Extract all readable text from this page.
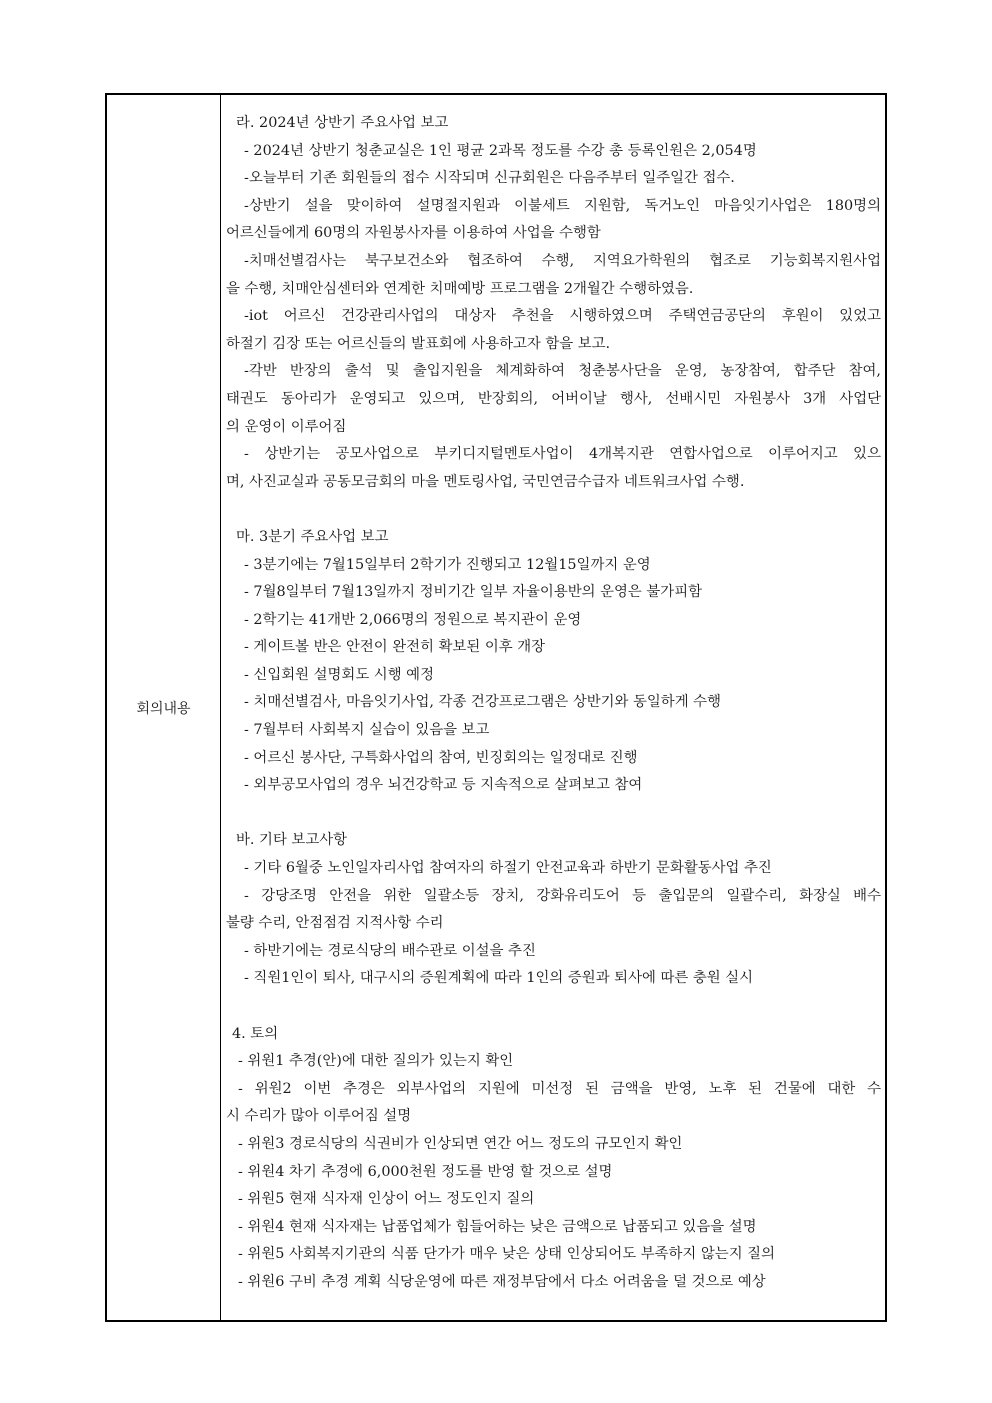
회의내용
라. 2024년 상반기 주요사업 보고
- 2024년 상반기 청춘교실은 1인 평균 2과목 정도를 수강 총 등록인원은 2,054명
-오늘부터 기존 회원들의 접수 시작되며 신규회원은 다음주부터 일주일간 접수.
-상반기 설을 맞이하여 설명절지원과 이불세트 지원함, 독거노인 마음잇기사업은 180명의
어르신들에게 60명의 자원봉사자를 이용하여 사업을 수행함
-치매선별검사는 북구보건소와 협조하여 수행, 지역요가학원의 협조로 기능회복지원사업
을 수행, 치매안심센터와 연계한 치매예방 프로그램을 2개월간 수행하였음.
-iot 어르신 건강관리사업의 대상자 추천을 시행하였으며 주택연금공단의 후원이 있었고
하절기 김장 또는 어르신들의 발표회에 사용하고자 함을 보고.
-각반 반장의 출석 및 출입지원을 체계화하여 청춘봉사단을 운영, 농장참여, 합주단 참여,
태권도 동아리가 운영되고 있으며, 반장회의, 어버이날 행사, 선배시민 자원봉사 3개 사업단
의 운영이 이루어짐
- 상반기는 공모사업으로 부키디지털멘토사업이 4개복지관 연합사업으로 이루어지고 있으
며, 사진교실과 공동모금회의 마을 멘토링사업, 국민연금수급자 네트워크사업 수행.
마. 3분기 주요사업 보고
- 3분기에는 7월15일부터 2학기가 진행되고 12월15일까지 운영
- 7월8일부터 7월13일까지 정비기간 일부 자율이용반의 운영은 불가피함
- 2학기는 41개반 2,066명의 정원으로 복지관이 운영
- 게이트볼 반은 안전이 완전히 확보된 이후 개장
- 신입회원 설명회도 시행 예정
- 치매선별검사, 마음잇기사업, 각종 건강프로그램은 상반기와 동일하게 수행
- 7월부터 사회복지 실습이 있음을 보고
- 어르신 봉사단, 구특화사업의 참여, 빈징회의는 일정대로 진행
- 외부공모사업의 경우 뇌건강학교 등 지속적으로 살펴보고 참여
바. 기타 보고사항
- 기타 6월중 노인일자리사업 참여자의 하절기 안전교육과 하반기 문화활동사업 추진
- 강당조명 안전을 위한 일괄소등 장치, 강화유리도어 등 출입문의 일괄수리, 화장실 배수
불량 수리, 안점점검 지적사항 수리
- 하반기에는 경로식당의 배수관로 이설을 추진
- 직원1인이 퇴사, 대구시의 증원계획에 따라 1인의 증원과 퇴사에 따른 충원 실시
4. 토의
- 위원1 추경(안)에 대한 질의가 있는지 확인
- 위원2 이번 추경은 외부사업의 지원에 미선정 된 금액을 반영, 노후 된 건물에 대한 수
시 수리가 많아 이루어짐 설명
- 위원3 경로식당의 식권비가 인상되면 연간 어느 정도의 규모인지 확인
- 위원4 차기 추경에 6,000천원 정도를 반영 할 것으로 설명
- 위원5 현재 식자재 인상이 어느 정도인지 질의
- 위원4 현재 식자재는 납품업체가 힘들어하는 낮은 금액으로 납품되고 있음을 설명
- 위원5 사회복지기관의 식품 단가가 매우 낮은 상태 인상되어도 부족하지 않는지 질의
- 위원6 구비 추경 계획 식당운영에 따른 재정부담에서 다소 어려움을 덜 것으로 예상
